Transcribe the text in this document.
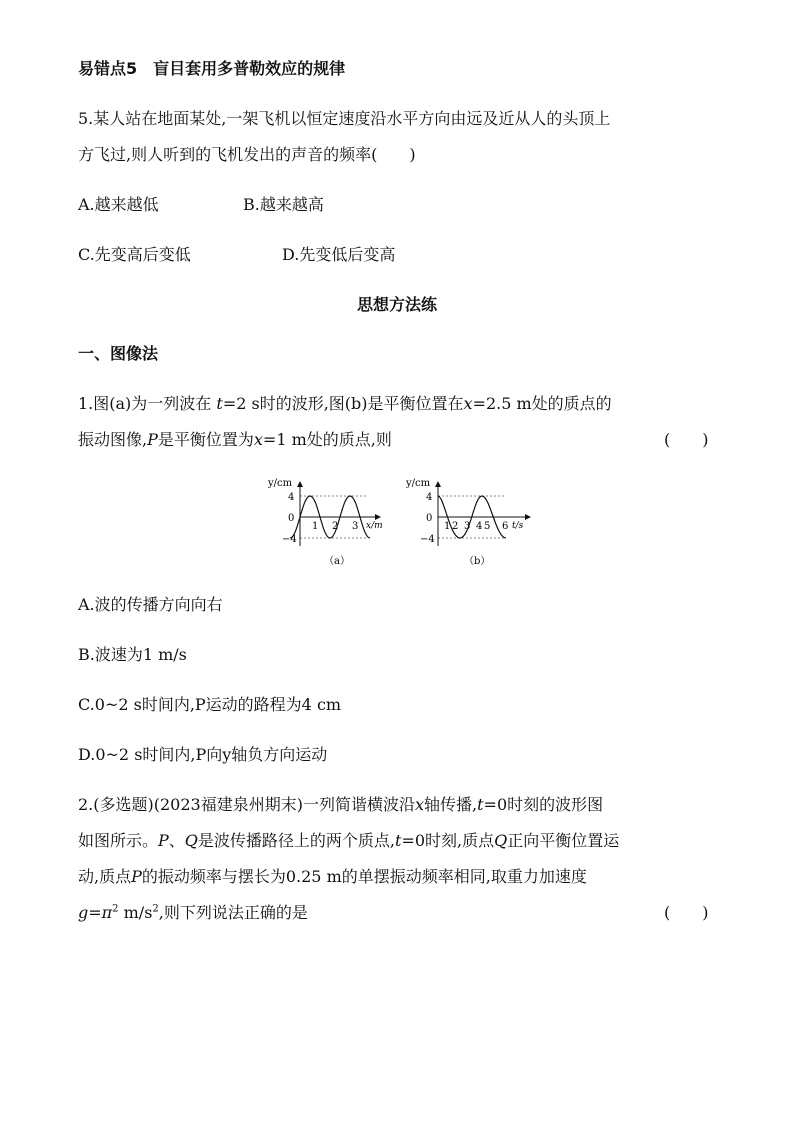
易错点5　盲目套用多普勒效应的规律
5.某人站在地面某处,一架飞机以恒定速度沿水平方向由远及近从人的头顶上
方飞过,则人听到的飞机发出的声音的频率(　　)
A.越来越低	B.越来越高
C.先变高后变低	D.先变低后变高
思想方法练
一、图像法
1.图(a)为一列波在 t=2 s时的波形,图(b)是平衡位置在x=2.5 m处的质点的
振动图像,P是平衡位置为x=1 m处的质点,则	(　　)
y/cm
4
0
−4
1 2 3 x/m
（a）
y/cm
4
0
−4
1 2 3 4 5 6 t/s
（b）
A.波的传播方向向右
B.波速为1 m/s
C.0~2 s时间内,P运动的路程为4 cm
D.0~2 s时间内,P向y轴负方向运动
2.(多选题)(2023福建泉州期末)一列简谐横波沿x轴传播,t=0时刻的波形图
如图所示。P、Q是波传播路径上的两个质点,t=0时刻,质点Q正向平衡位置运
动,质点P的振动频率与摆长为0.25 m的单摆振动频率相同,取重力加速度
$g=\pi^2$ $m/s^2$,则下列说法正确的是	(　　)
